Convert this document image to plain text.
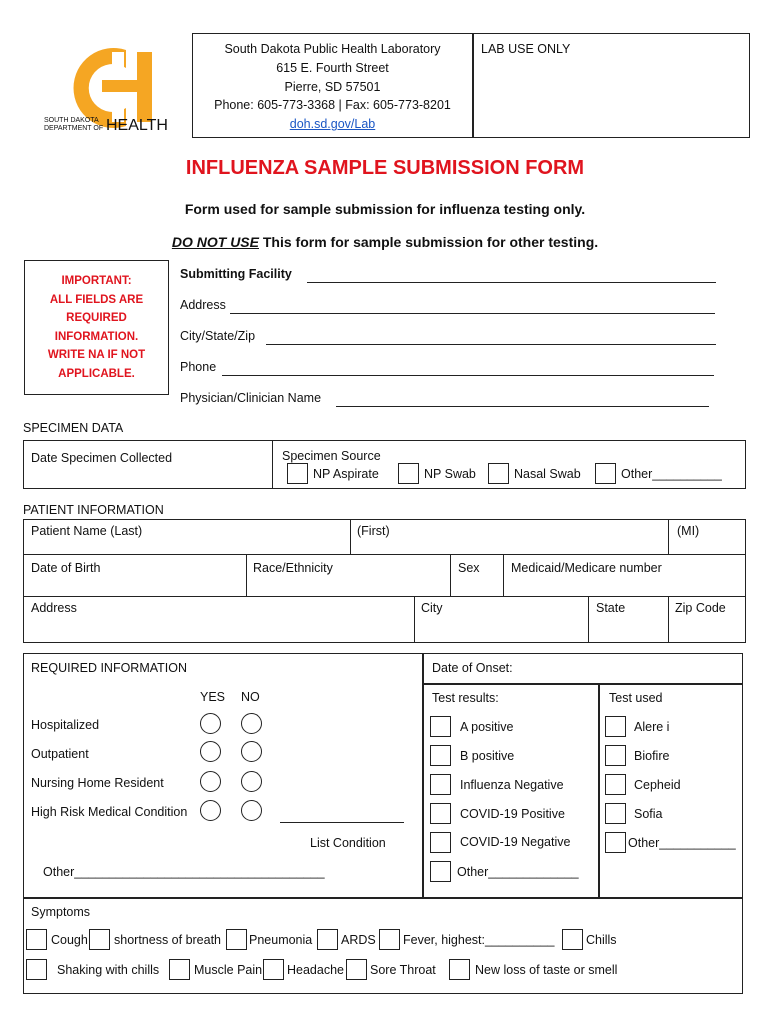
SOUTH DAKOTA
DEPARTMENT OF HEALTH
South Dakota Public Health Laboratory
615 E. Fourth Street
Pierre, SD 57501
Phone: 605-773-3368 | Fax: 605-773-8201
doh.sd.gov/Lab
LAB USE ONLY
INFLUENZA SAMPLE SUBMISSION FORM
Form used for sample submission for influenza testing only.
DO NOT USE This form for sample submission for other testing.
IMPORTANT:
ALL FIELDS ARE
REQUIRED
INFORMATION.
WRITE NA IF NOT
APPLICABLE.
Submitting Facility
Address
City/State/Zip
Phone
Physician/Clinician Name
SPECIMEN DATA
Date Specimen Collected	Specimen Source
NP Aspirate	NP Swab	Nasal Swab	Other__________
PATIENT INFORMATION
Patient Name (Last)	(First)	(MI)
Date of Birth	Race/Ethnicity	Sex	Medicaid/Medicare number
Address	City	State	Zip Code
REQUIRED INFORMATION
YES NO
Hospitalized
Outpatient
Nursing Home Resident
High Risk Medical Condition
List Condition
Other____________________________________
Date of Onset:
Test results:
A positive
B positive
Influenza Negative
COVID-19 Positive
COVID-19 Negative
Other_____________
Test used
Alere i
Biofire
Cepheid
Sofia
Other___________
Symptoms
Cough shortness of breath Pneumonia ARDS Fever, highest:__________	Chills
Shaking with chills	Muscle Pain Headache Sore Throat	New loss of taste or smell
